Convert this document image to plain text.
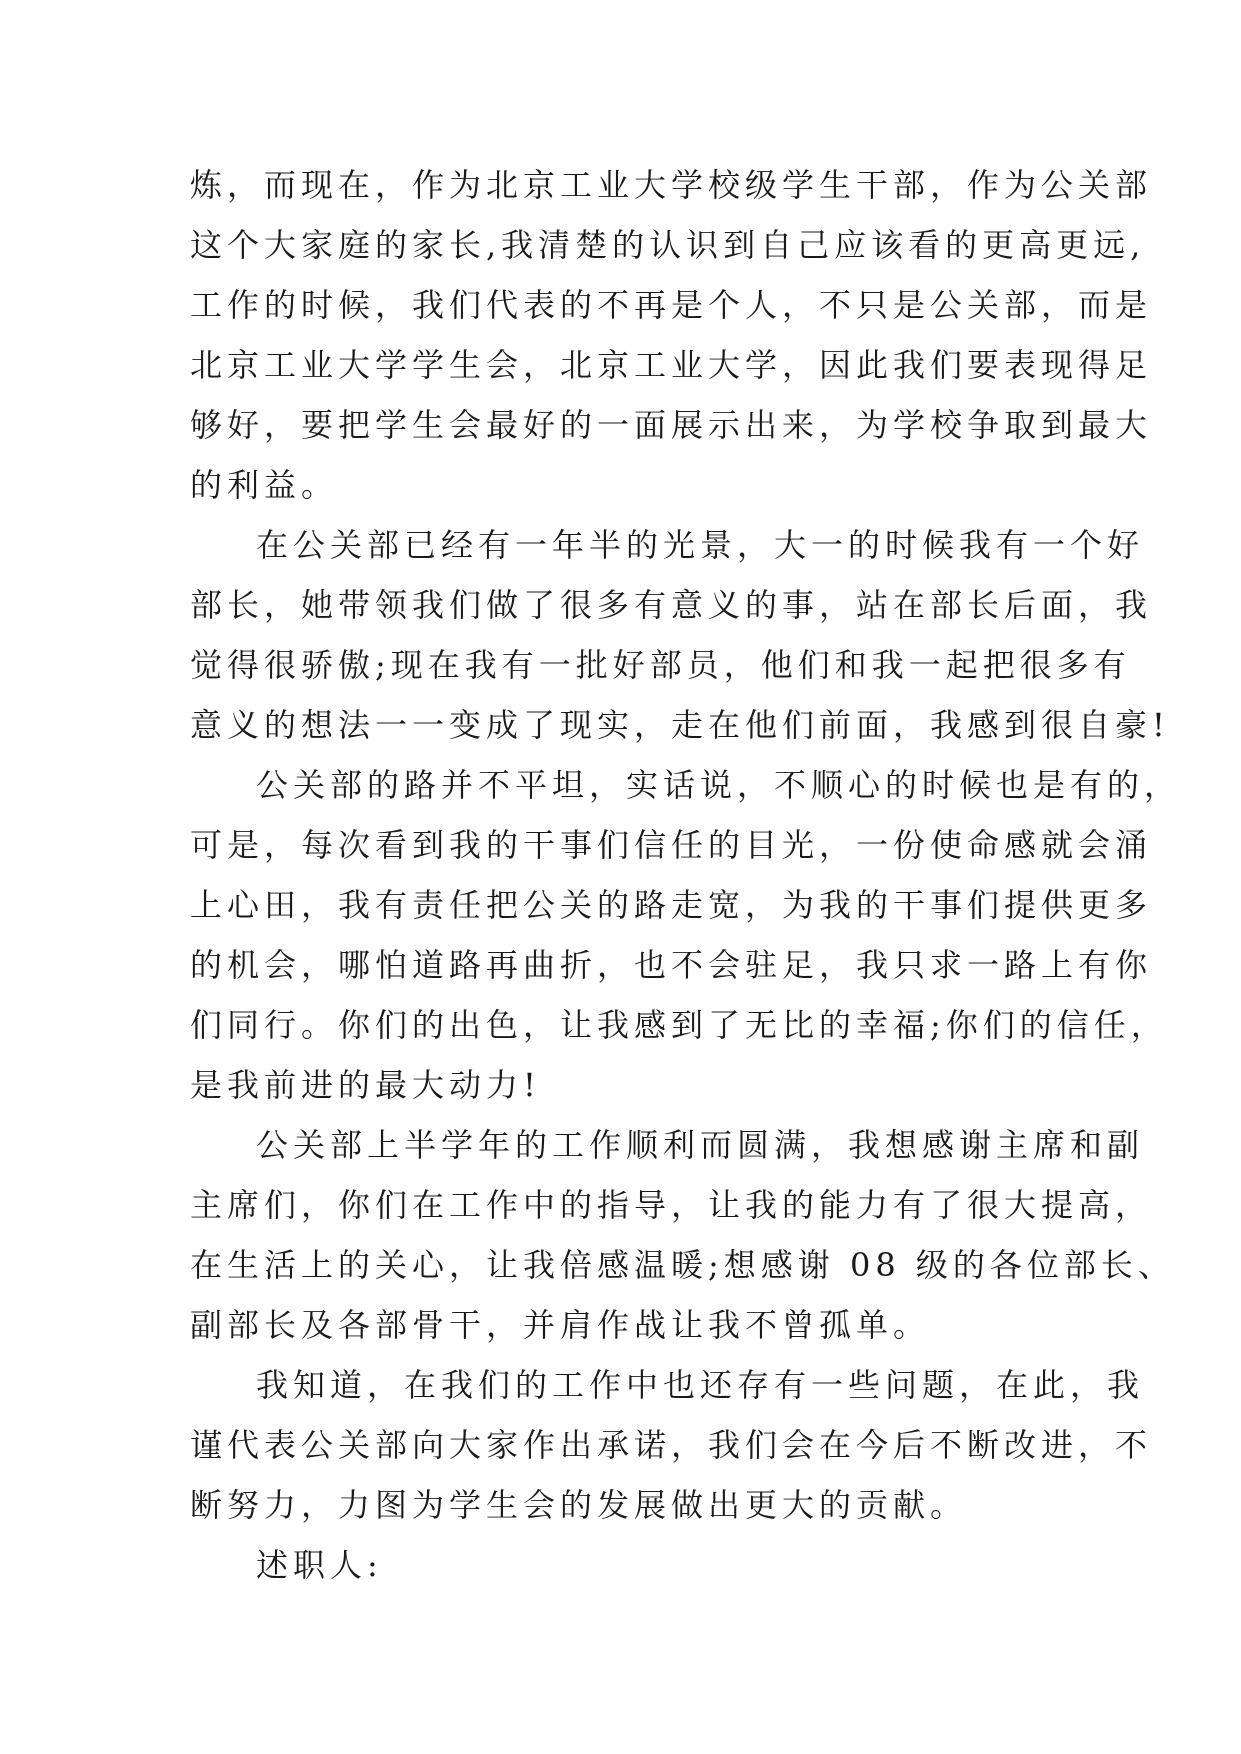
炼，而现在，作为北京工业大学校级学生干部，作为公关部
这个大家庭的家长,我清楚的认识到自己应该看的更高更远,
工作的时候，我们代表的不再是个人，不只是公关部，而是
北京工业大学学生会，北京工业大学，因此我们要表现得足
够好，要把学生会最好的一面展示出来，为学校争取到最大
的利益。
在公关部已经有一年半的光景，大一的时候我有一个好
部长，她带领我们做了很多有意义的事，站在部长后面，我
觉得很骄傲;现在我有一批好部员，他们和我一起把很多有
意义的想法一一变成了现实，走在他们前面，我感到很自豪!
公关部的路并不平坦，实话说，不顺心的时候也是有的，
可是，每次看到我的干事们信任的目光，一份使命感就会涌
上心田，我有责任把公关的路走宽，为我的干事们提供更多
的机会，哪怕道路再曲折，也不会驻足，我只求一路上有你
们同行。你们的出色，让我感到了无比的幸福;你们的信任，
是我前进的最大动力!
公关部上半学年的工作顺利而圆满，我想感谢主席和副
主席们，你们在工作中的指导，让我的能力有了很大提高，
在生活上的关心，让我倍感温暖;想感谢 08 级的各位部长、
副部长及各部骨干，并肩作战让我不曾孤单。
我知道，在我们的工作中也还存有一些问题，在此，我
谨代表公关部向大家作出承诺，我们会在今后不断改进，不
断努力，力图为学生会的发展做出更大的贡献。
述职人:
